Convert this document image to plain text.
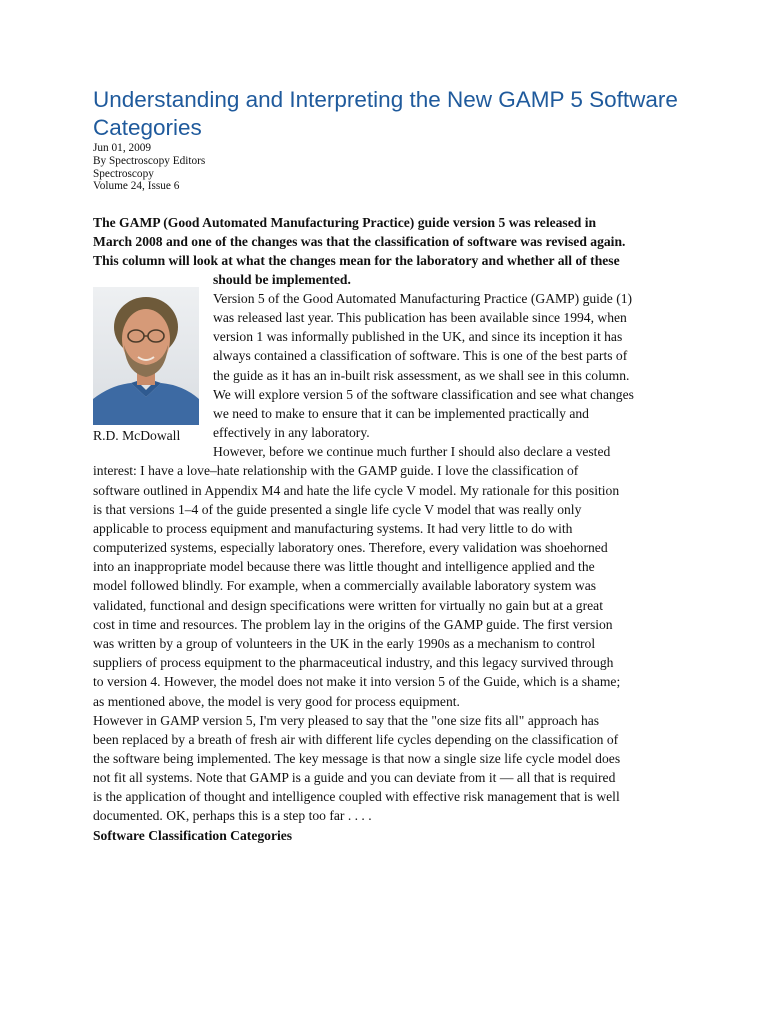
Understanding and Interpreting the New GAMP 5 Software Categories
Jun 01, 2009
By Spectroscopy Editors
Spectroscopy
Volume 24, Issue 6
The GAMP (Good Automated Manufacturing Practice) guide version 5 was released in
March 2008 and one of the changes was that the classification of software was revised again.
This column will look at what the changes mean for the laboratory and whether all of these
should be implemented.
R.D. McDowall
Version 5 of the Good Automated Manufacturing Practice (GAMP) guide (1)
was released last year. This publication has been available since 1994, when
version 1 was informally published in the UK, and since its inception it has
always contained a classification of software. This is one of the best parts of
the guide as it has an in-built risk assessment, as we shall see in this column.
We will explore version 5 of the software classification and see what changes
we need to make to ensure that it can be implemented practically and
effectively in any laboratory.
However, before we continue much further I should also declare a vested
interest: I have a love–hate relationship with the GAMP guide. I love the classification of
software outlined in Appendix M4 and hate the life cycle V model. My rationale for this position
is that versions 1–4 of the guide presented a single life cycle V model that was really only
applicable to process equipment and manufacturing systems. It had very little to do with
computerized systems, especially laboratory ones. Therefore, every validation was shoehorned
into an inappropriate model because there was little thought and intelligence applied and the
model followed blindly. For example, when a commercially available laboratory system was
validated, functional and design specifications were written for virtually no gain but at a great
cost in time and resources. The problem lay in the origins of the GAMP guide. The first version
was written by a group of volunteers in the UK in the early 1990s as a mechanism to control
suppliers of process equipment to the pharmaceutical industry, and this legacy survived through
to version 4. However, the model does not make it into version 5 of the Guide, which is a shame;
as mentioned above, the model is very good for process equipment.
However in GAMP version 5, I'm very pleased to say that the "one size fits all" approach has
been replaced by a breath of fresh air with different life cycles depending on the classification of
the software being implemented. The key message is that now a single size life cycle model does
not fit all systems. Note that GAMP is a guide and you can deviate from it — all that is required
is the application of thought and intelligence coupled with effective risk management that is well
documented. OK, perhaps this is a step too far . . . .
Software Classification Categories
